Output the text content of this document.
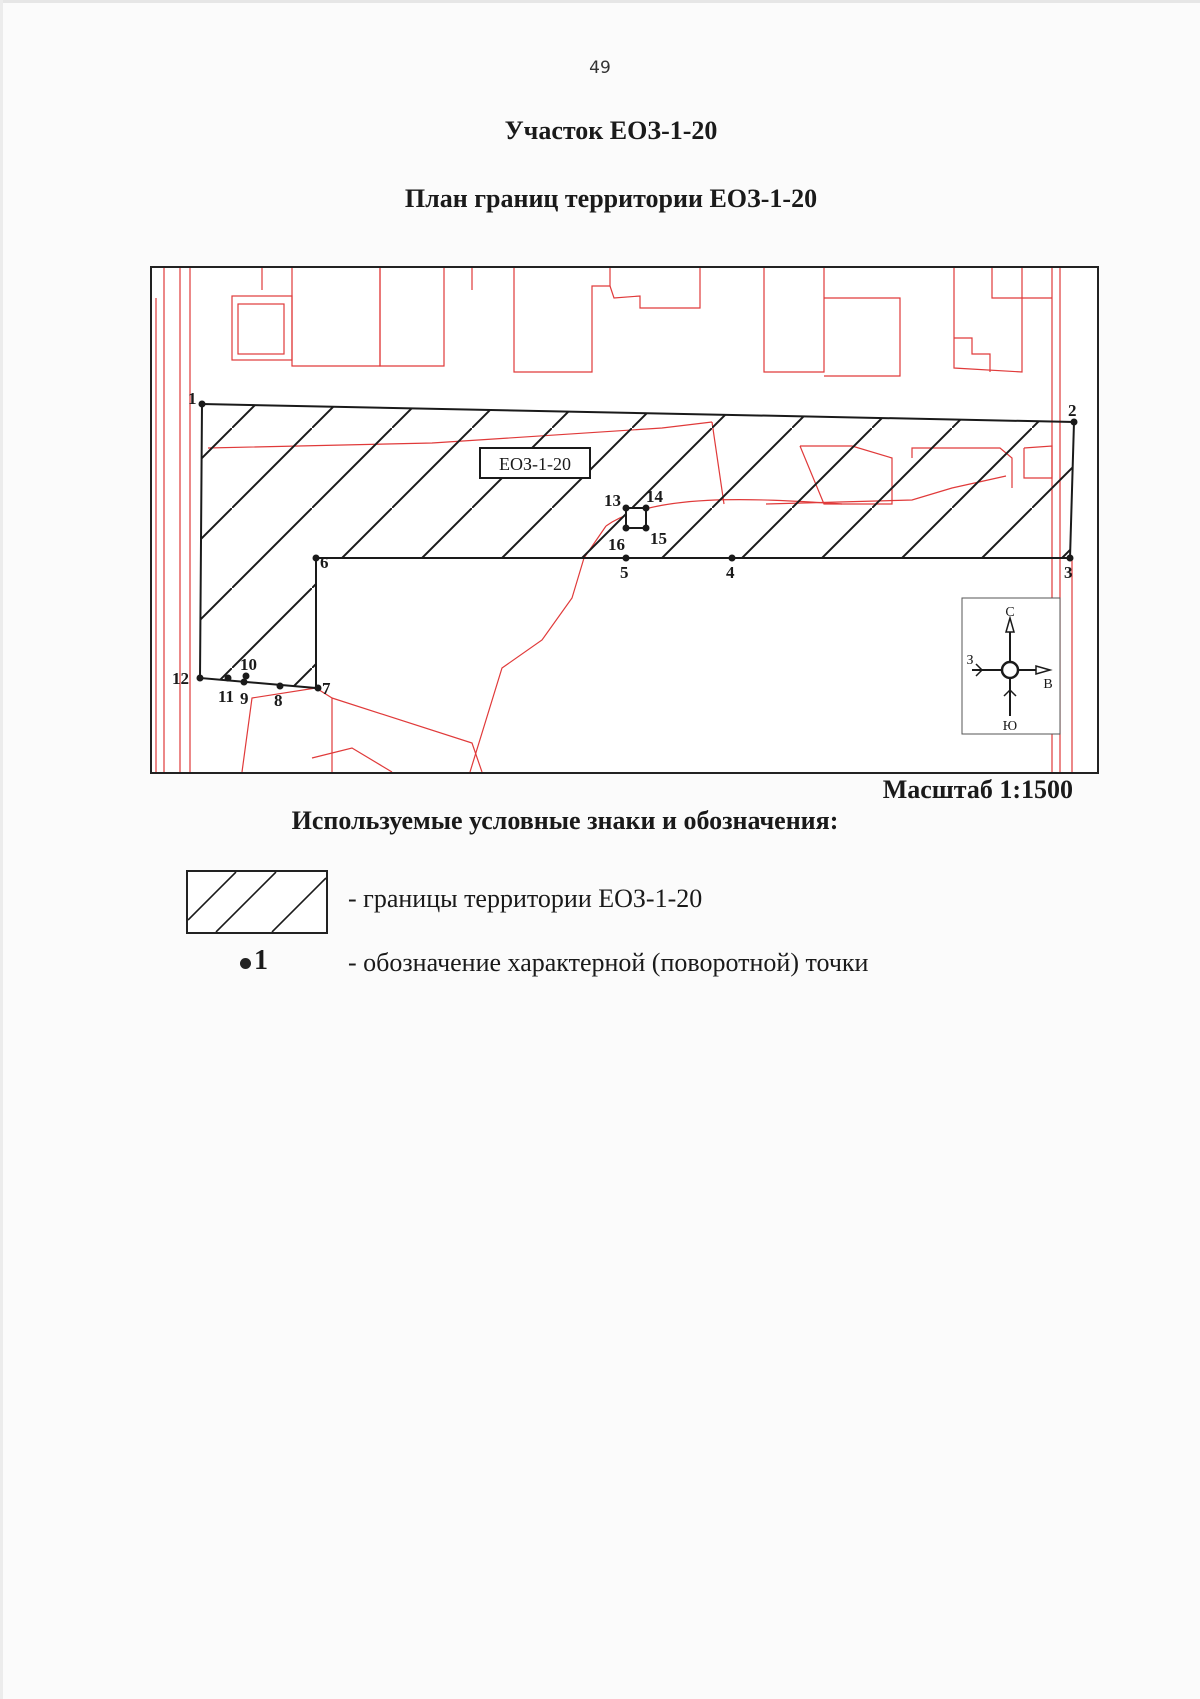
49
Участок ЕОЗ-1-20
План границ территории ЕОЗ-1-20
ЕОЗ-1-20
1
2
3
4
5
6
7
8
9
10
11
12
13 14
15
16
С
Ю
З
В
Масштаб 1:1500
Используемые условные знаки и обозначения:
- границы территории ЕОЗ-1-20
1	- обозначение характерной (поворотной) точки
